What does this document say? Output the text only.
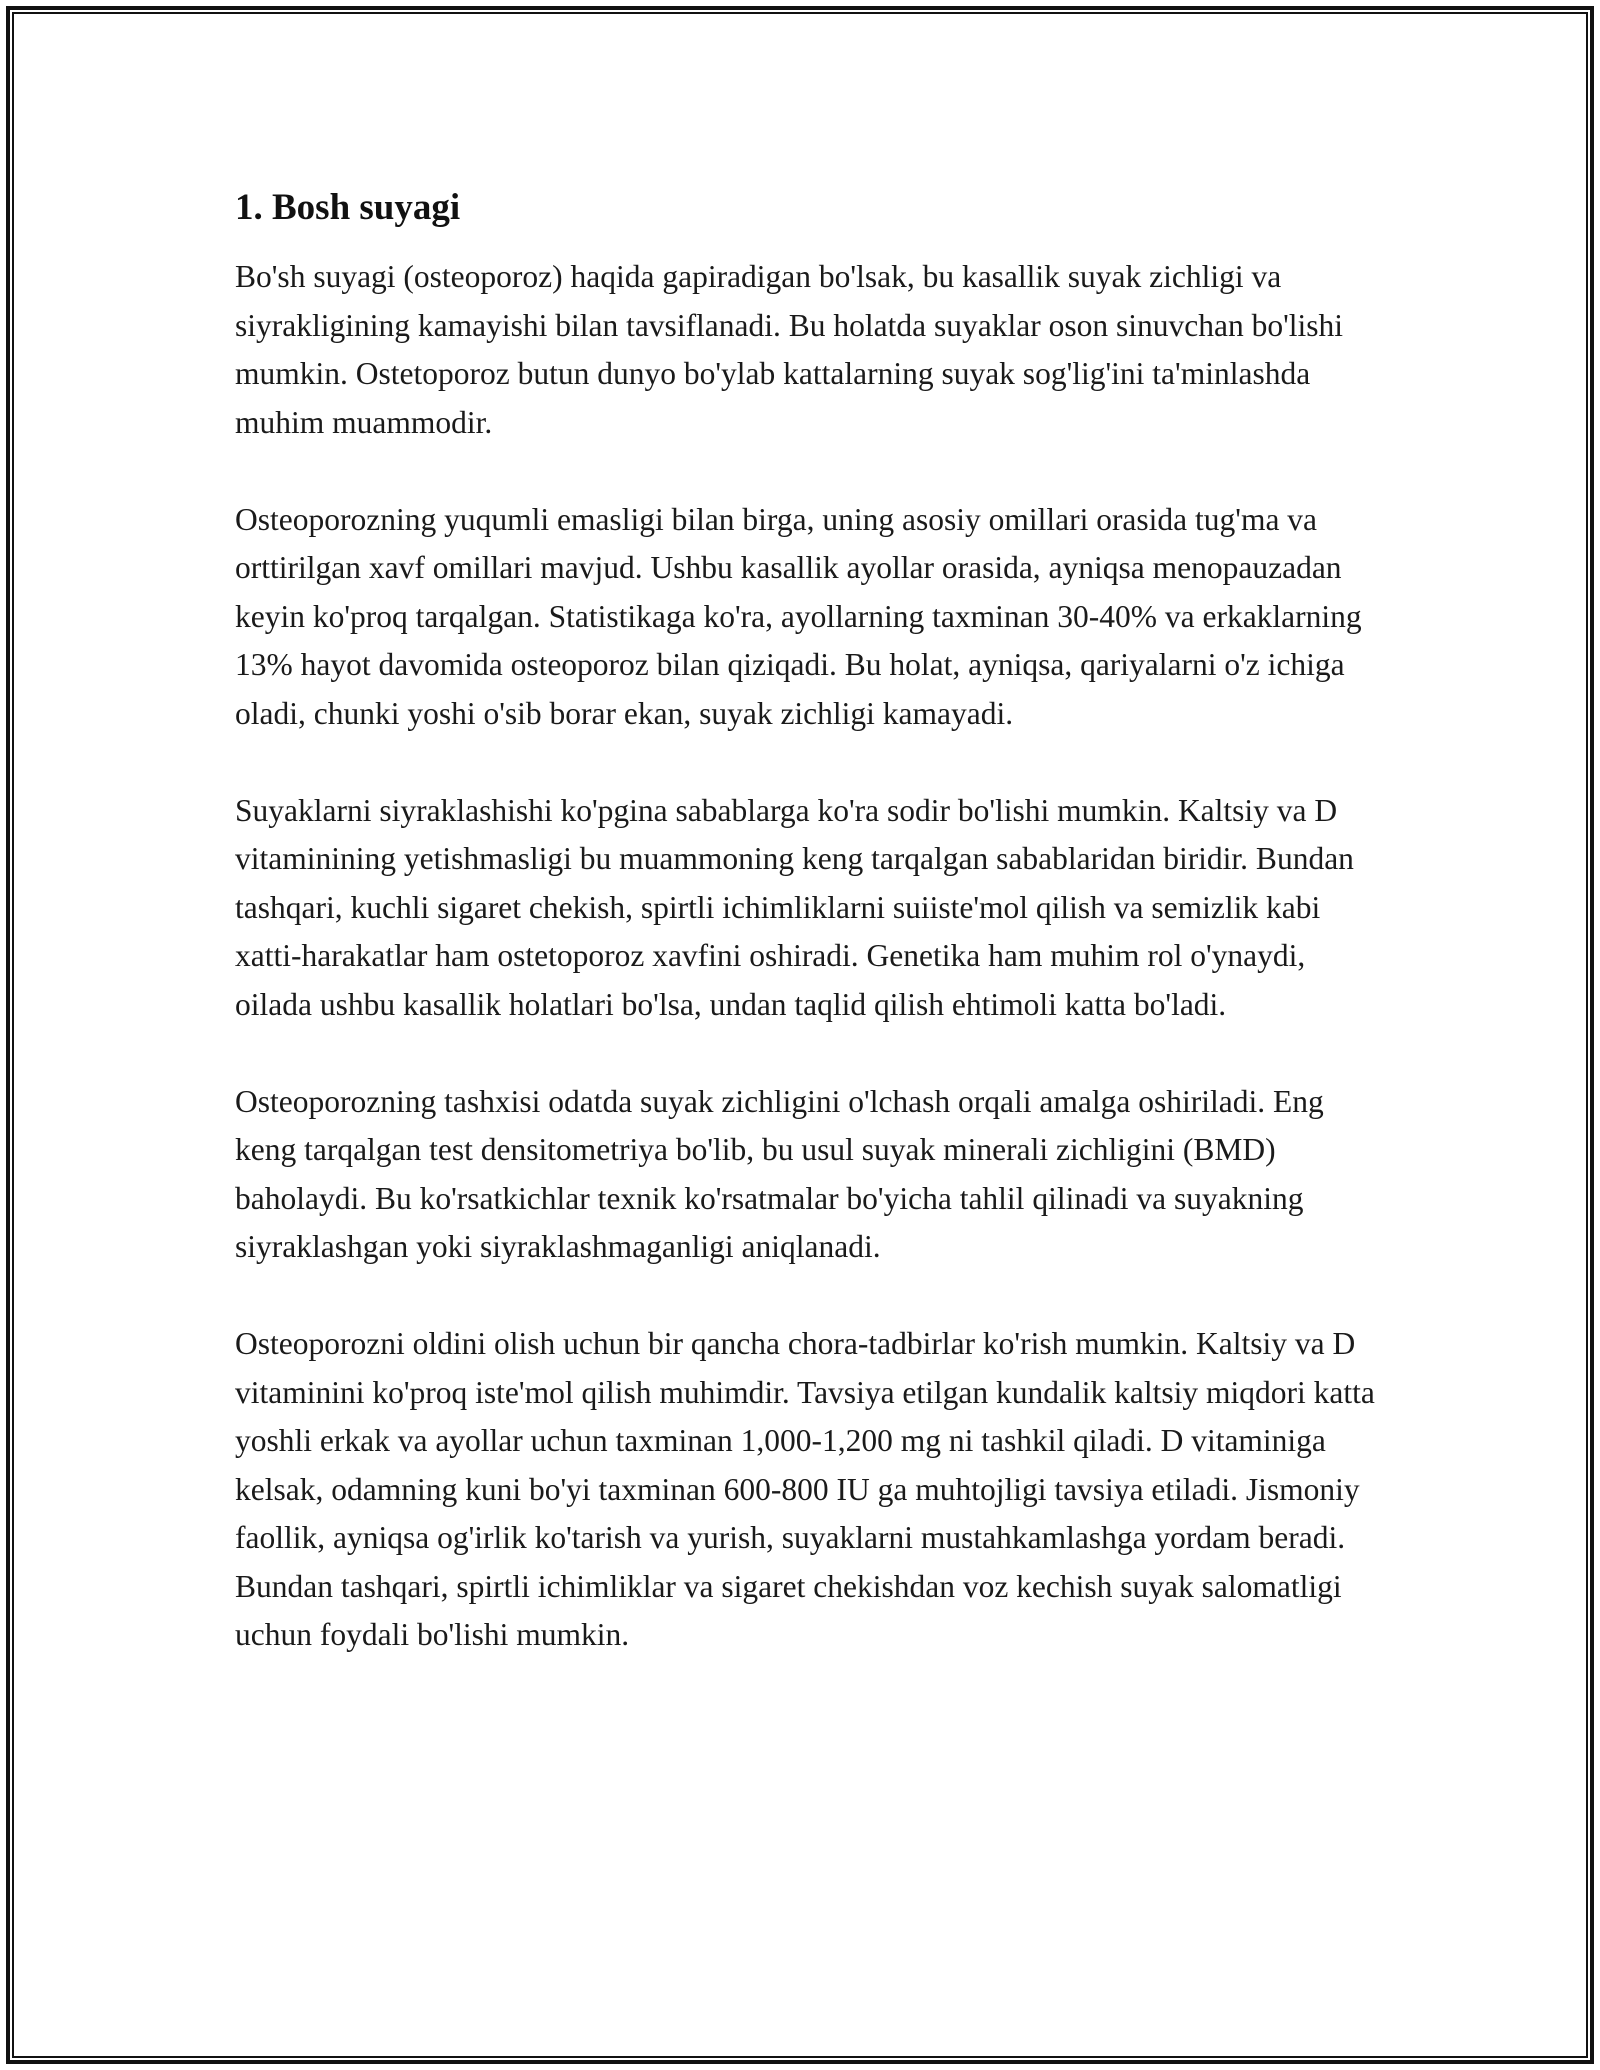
1. Bosh suyagi

Bo'sh suyagi (osteoporoz) haqida gapiradigan bo'lsak, bu kasallik suyak zichligi va siyrakligining kamayishi bilan tavsiflanadi. Bu holatda suyaklar oson sinuvchan bo'lishi mumkin. Ostetoporoz butun dunyo bo'ylab kattalarning suyak sog'lig'ini ta'minlashda muhim muammodir.

Osteoporozning yuqumli emasligi bilan birga, uning asosiy omillari orasida tug'ma va orttirilgan xavf omillari mavjud. Ushbu kasallik ayollar orasida, ayniqsa menopauzadan keyin ko'proq tarqalgan. Statistikaga ko'ra, ayollarning taxminan 30-40% va erkaklarning 13% hayot davomida osteoporoz bilan qiziqadi. Bu holat, ayniqsa, qariyalarni o'z ichiga oladi, chunki yoshi o'sib borar ekan, suyak zichligi kamayadi.

Suyaklarni siyraklashishi ko'pgina sabablarga ko'ra sodir bo'lishi mumkin. Kaltsiy va D vitaminining yetishmasligi bu muammoning keng tarqalgan sabablaridan biridir. Bundan tashqari, kuchli sigaret chekish, spirtli ichimliklarni suiiste'mol qilish va semizlik kabi xatti-harakatlar ham ostetoporoz xavfini oshiradi. Genetika ham muhim rol o'ynaydi, oilada ushbu kasallik holatlari bo'lsa, undan taqlid qilish ehtimoli katta bo'ladi.

Osteoporozning tashxisi odatda suyak zichligini o'lchash orqali amalga oshiriladi. Eng keng tarqalgan test densitometriya bo'lib, bu usul suyak minerali zichligini (BMD) baholaydi. Bu ko'rsatkichlar texnik ko'rsatmalar bo'yicha tahlil qilinadi va suyakning siyraklashgan yoki siyraklashmaganligi aniqlanadi.

Osteoporozni oldini olish uchun bir qancha chora-tadbirlar ko'rish mumkin. Kaltsiy va D vitaminini ko'proq iste'mol qilish muhimdir. Tavsiya etilgan kundalik kaltsiy miqdori katta yoshli erkak va ayollar uchun taxminan 1,000-1,200 mg ni tashkil qiladi. D vitaminiga kelsak, odamning kuni bo'yi taxminan 600-800 IU ga muhtojligi tavsiya etiladi. Jismoniy faollik, ayniqsa og'irlik ko'tarish va yurish, suyaklarni mustahkamlashga yordam beradi. Bundan tashqari, spirtli ichimliklar va sigaret chekishdan voz kechish suyak salomatligi uchun foydali bo'lishi mumkin.
